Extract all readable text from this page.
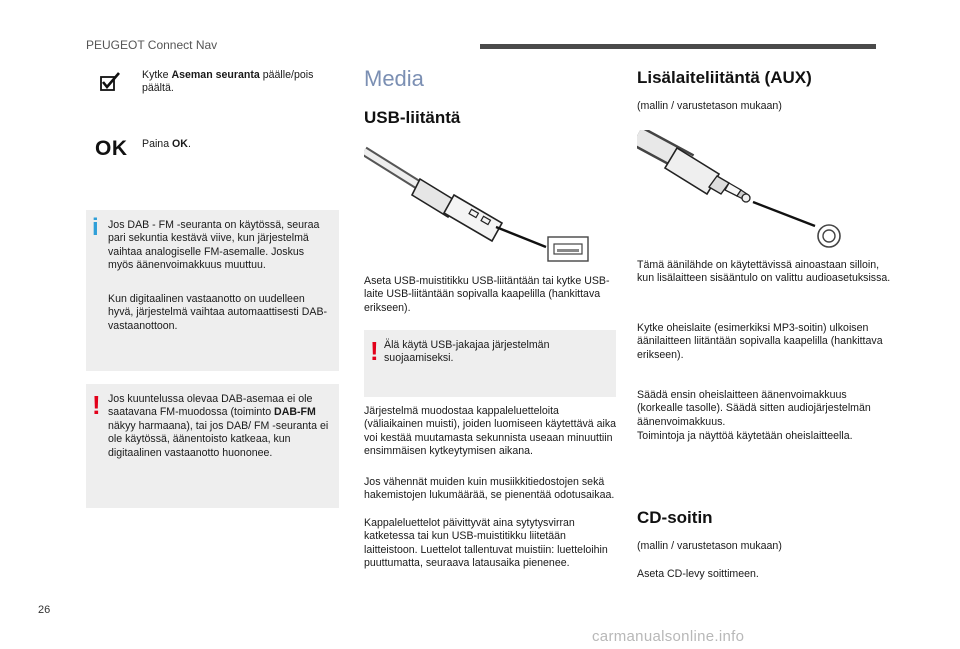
PEUGEOT Connect Nav

Kytke Aseman seuranta päälle/pois päältä.

OK Paina OK.

i Jos DAB - FM -seuranta on käytössä, seuraa pari sekuntia kestävä viive, kun järjestelmä vaihtaa analogiselle FM-asemalle. Joskus myös äänenvoimakkuus muuttuu.

Kun digitaalinen vastaanotto on uudelleen hyvä, järjestelmä vaihtaa automaattisesti DAB-vastaanottoon.

! Jos kuuntelussa olevaa DAB-asemaa ei ole saatavana FM-muodossa (toiminto DAB-FM näkyy harmaana), tai jos DAB/ FM -seuranta ei ole käytössä, äänentoisto katkeaa, kun digitaalinen vastaanotto huononee.

Media
USB-liitäntä

Aseta USB-muistitikku USB-liitäntään tai kytke USB-laite USB-liitäntään sopivalla kaapelilla (hankittava erikseen).

! Älä käytä USB-jakajaa järjestelmän suojaamiseksi.

Järjestelmä muodostaa kappaleluetteloita (väliaikainen muisti), joiden luomiseen käytettävä aika voi kestää muutamasta sekunnista useaan minuuttiin ensimmäisen kytkeytymisen aikana.

Jos vähennät muiden kuin musiikkitiedostojen sekä hakemistojen lukumäärää, se pienentää odotusaikaa.

Kappaleluettelot päivittyvät aina sytytysvirran katketessa tai kun USB-muistitikku liitetään laitteistoon. Luettelot tallentuvat muistiin: luetteloihin puuttumatta, seuraava latausaika pienenee.

Lisälaiteliitäntä (AUX)

(mallin / varustetason mukaan)

Tämä äänilähde on käytettävissä ainoastaan silloin, kun lisälaitteen sisääntulo on valittu audioasetuksissa.

Kytke oheislaite (esimerkiksi MP3-soitin) ulkoisen äänilaitteen liitäntään sopivalla kaapelilla (hankittava erikseen).

Säädä ensin oheislaitteen äänenvoimakkuus (korkealle tasolle). Säädä sitten audiojärjestelmän äänenvoimakkuus.

Toimintoja ja näyttöä käytetään oheislaitteella.

CD-soitin

(mallin / varustetason mukaan)

Aseta CD-levy soittimeen.

26
carmanualsonline.info
